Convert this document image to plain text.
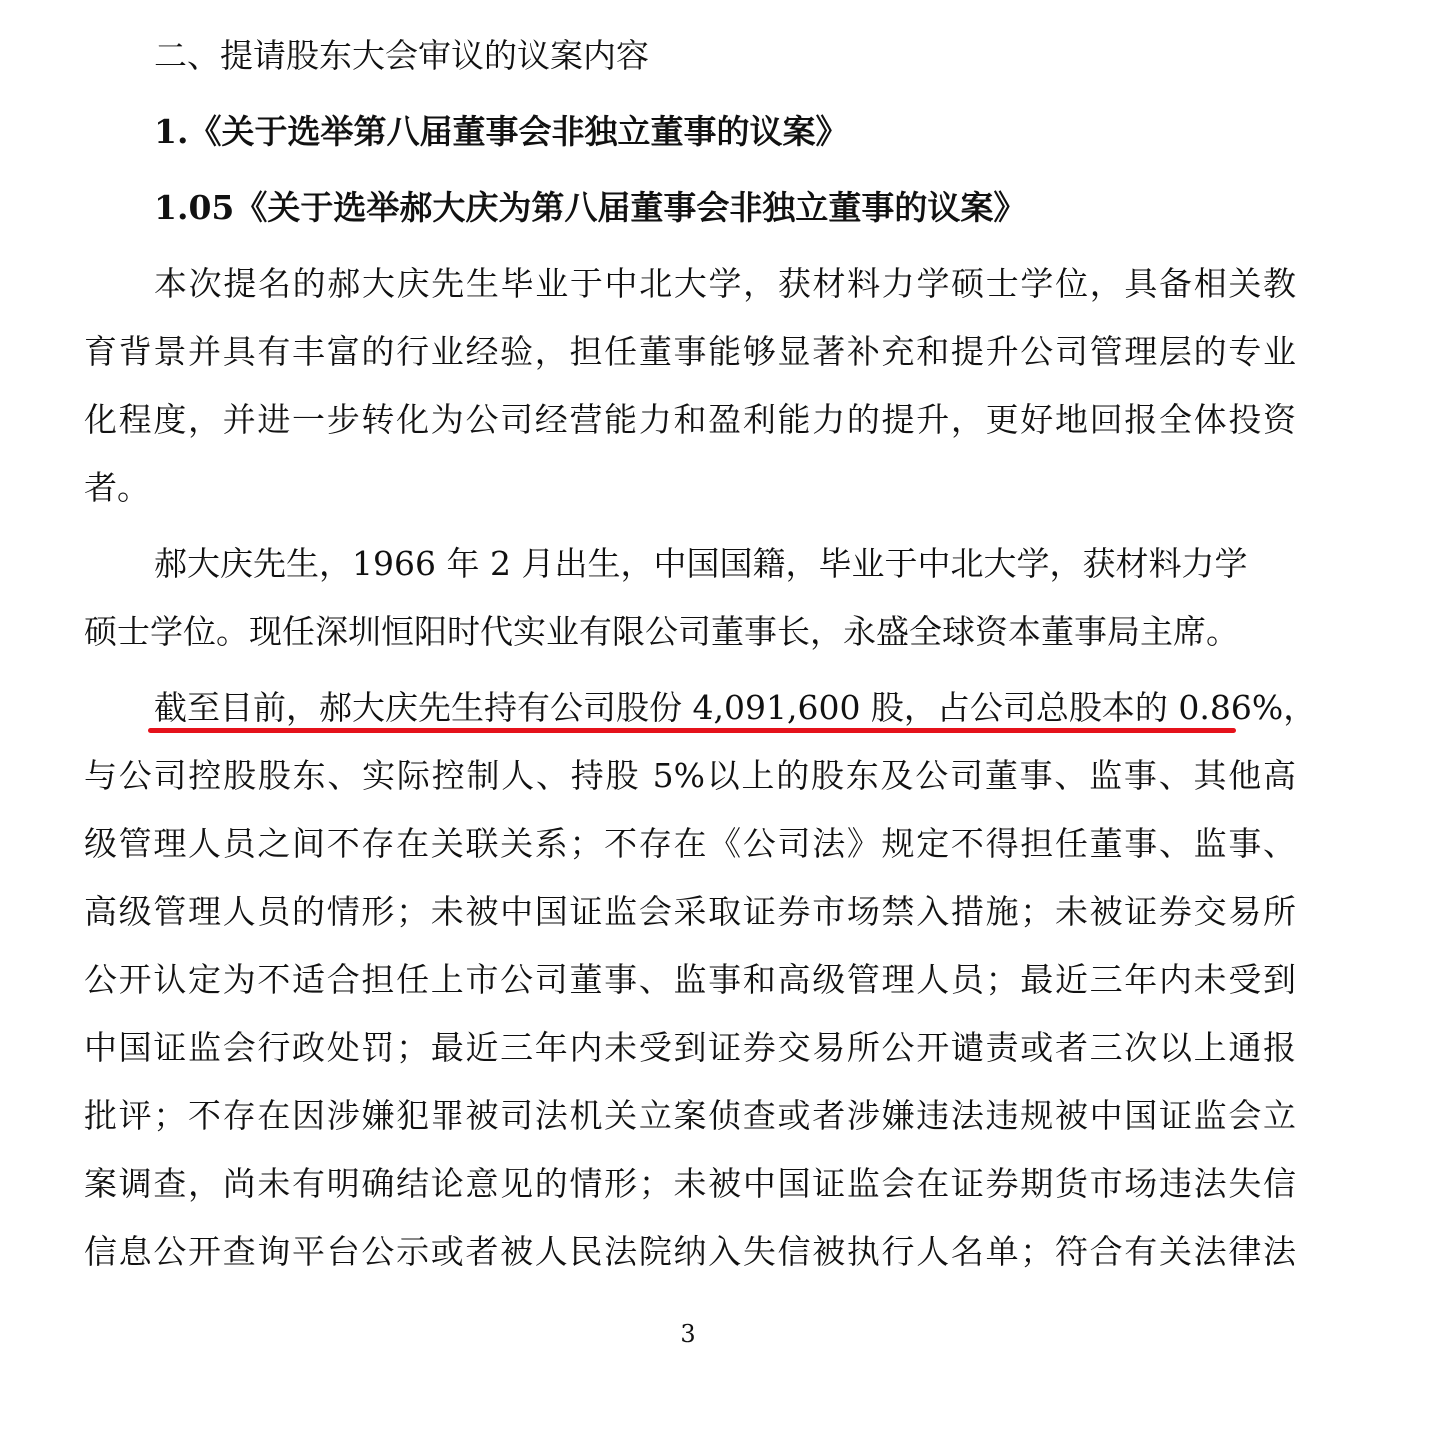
二、提请股东大会审议的议案内容
1.《关于选举第八届董事会非独立董事的议案》
1.05《关于选举郝大庆为第八届董事会非独立董事的议案》
本次提名的郝大庆先生毕业于中北大学，获材料力学硕士学位，具备相关教
育背景并具有丰富的行业经验，担任董事能够显著补充和提升公司管理层的专业
化程度，并进一步转化为公司经营能力和盈利能力的提升，更好地回报全体投资
者。
郝大庆先生，1966 年 2 月出生，中国国籍，毕业于中北大学，获材料力学
硕士学位。现任深圳恒阳时代实业有限公司董事长，永盛全球资本董事局主席。
截至目前，郝大庆先生持有公司股份 4,091,600 股，占公司总股本的 0.86%，
与公司控股股东、实际控制人、持股 5%以上的股东及公司董事、监事、其他高
级管理人员之间不存在关联关系；不存在《公司法》规定不得担任董事、监事、
高级管理人员的情形；未被中国证监会采取证券市场禁入措施；未被证券交易所
公开认定为不适合担任上市公司董事、监事和高级管理人员；最近三年内未受到
中国证监会行政处罚；最近三年内未受到证券交易所公开谴责或者三次以上通报
批评；不存在因涉嫌犯罪被司法机关立案侦查或者涉嫌违法违规被中国证监会立
案调查，尚未有明确结论意见的情形；未被中国证监会在证券期货市场违法失信
信息公开查询平台公示或者被人民法院纳入失信被执行人名单；符合有关法律法
3
